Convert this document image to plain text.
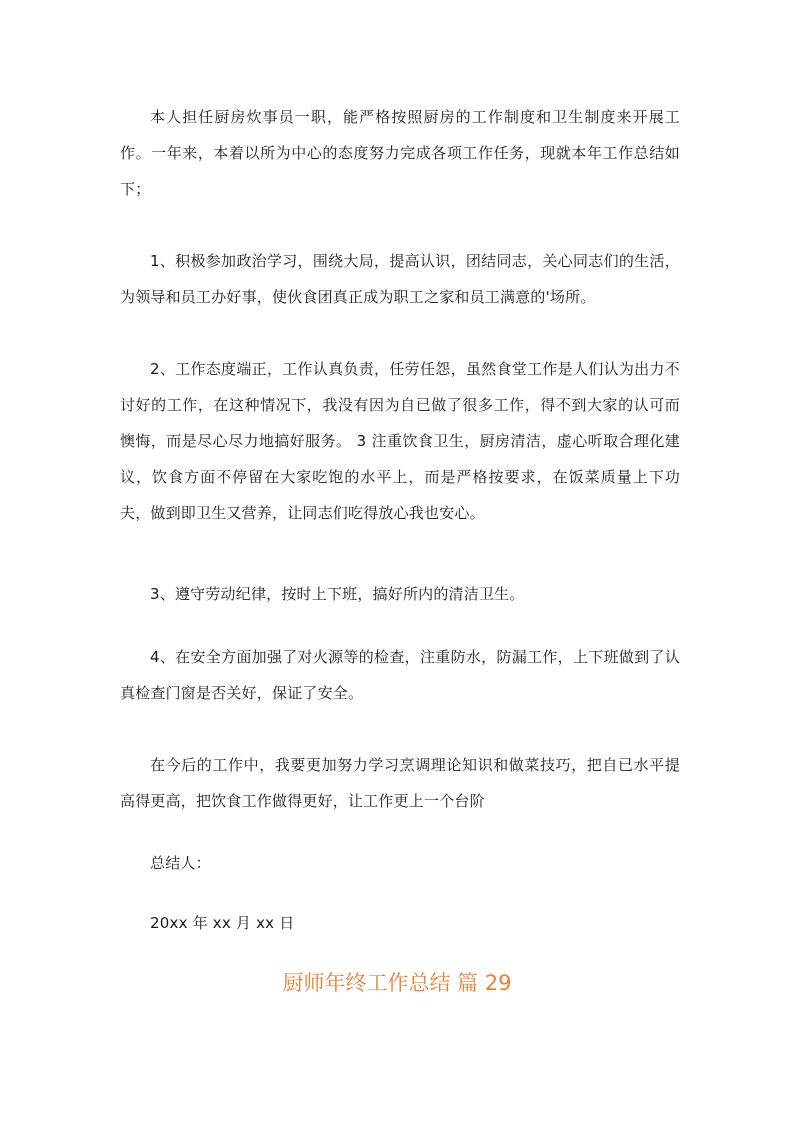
本人担任厨房炊事员一职，能严格按照厨房的工作制度和卫生制度来开展工作。一年来，本着以所为中心的态度努力完成各项工作任务，现就本年工作总结如下；

1、积极参加政治学习，围绕大局，提高认识，团结同志，关心同志们的生活，为领导和员工办好事，使伙食团真正成为职工之家和员工满意的'场所。

2、工作态度端正，工作认真负责，任劳任怨，虽然食堂工作是人们认为出力不讨好的工作，在这种情况下，我没有因为自已做了很多工作，得不到大家的认可而懊悔，而是尽心尽力地搞好服务。 3 注重饮食卫生，厨房清洁，虚心听取合理化建议，饮食方面不停留在大家吃饱的水平上，而是严格按要求，在饭菜质量上下功夫，做到即卫生又营养，让同志们吃得放心我也安心。

3、遵守劳动纪律，按时上下班，搞好所内的清洁卫生。

4、在安全方面加强了对火源等的检查，注重防水，防漏工作，上下班做到了认真检查门窗是否关好，保证了安全。

在今后的工作中，我要更加努力学习烹调理论知识和做菜技巧，把自已水平提高得更高，把饮食工作做得更好，让工作更上一个台阶

总结人：

20xx 年 xx 月 xx 日

厨师年终工作总结 篇 29
